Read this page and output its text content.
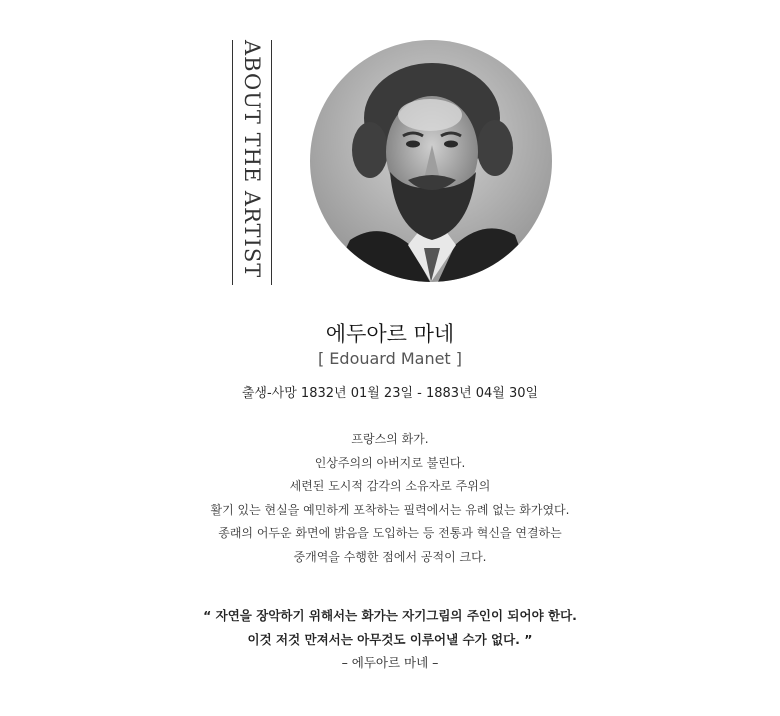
ABOUT THE ARTIST
에두아르 마네
[ Edouard Manet ]
출생-사망 1832년 01월 23일 - 1883년 04월 30일
프랑스의 화가.
인상주의의 아버지로 불린다.
세련된 도시적 감각의 소유자로 주위의
활기 있는 현실을 예민하게 포착하는 필력에서는 유례 없는 화가였다.
종래의 어두운 화면에 밝음을 도입하는 등 전통과 혁신을 연결하는
중개역을 수행한 점에서 공적이 크다.
“ 자연을 장악하기 위해서는 화가는 자기그림의 주인이 되어야 한다.
이것 저것 만져서는 아무것도 이루어낼 수가 없다. ”
– 에두아르 마네 –
